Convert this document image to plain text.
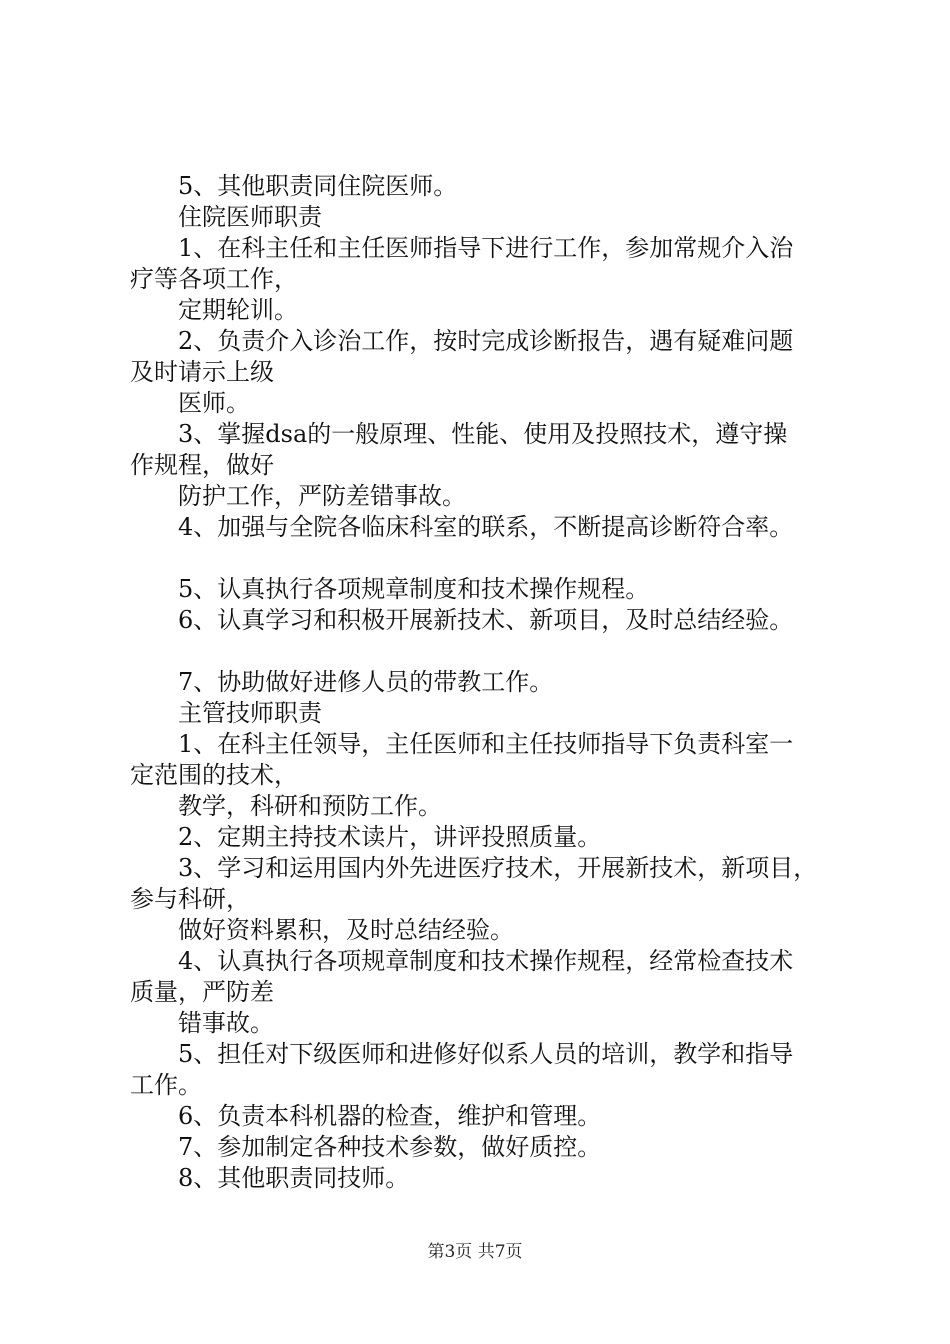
5、其他职责同住院医师。
住院医师职责
1、在科主任和主任医师指导下进行工作，参加常规介入治
疗等各项工作，
定期轮训。
2、负责介入诊治工作，按时完成诊断报告，遇有疑难问题
及时请示上级
医师。
3、掌握dsa的一般原理、性能、使用及投照技术，遵守操
作规程，做好
防护工作，严防差错事故。
4、加强与全院各临床科室的联系，不断提高诊断符合率。
5、认真执行各项规章制度和技术操作规程。
6、认真学习和积极开展新技术、新项目，及时总结经验。
7、协助做好进修人员的带教工作。
主管技师职责
1、在科主任领导，主任医师和主任技师指导下负责科室一
定范围的技术，
教学，科研和预防工作。
2、定期主持技术读片，讲评投照质量。
3、学习和运用国内外先进医疗技术，开展新技术，新项目，
参与科研，
做好资料累积，及时总结经验。
4、认真执行各项规章制度和技术操作规程，经常检查技术
质量，严防差
错事故。
5、担任对下级医师和进修好似系人员的培训，教学和指导
工作。
6、负责本科机器的检查，维护和管理。
7、参加制定各种技术参数，做好质控。
8、其他职责同技师。
第3页 共7页
